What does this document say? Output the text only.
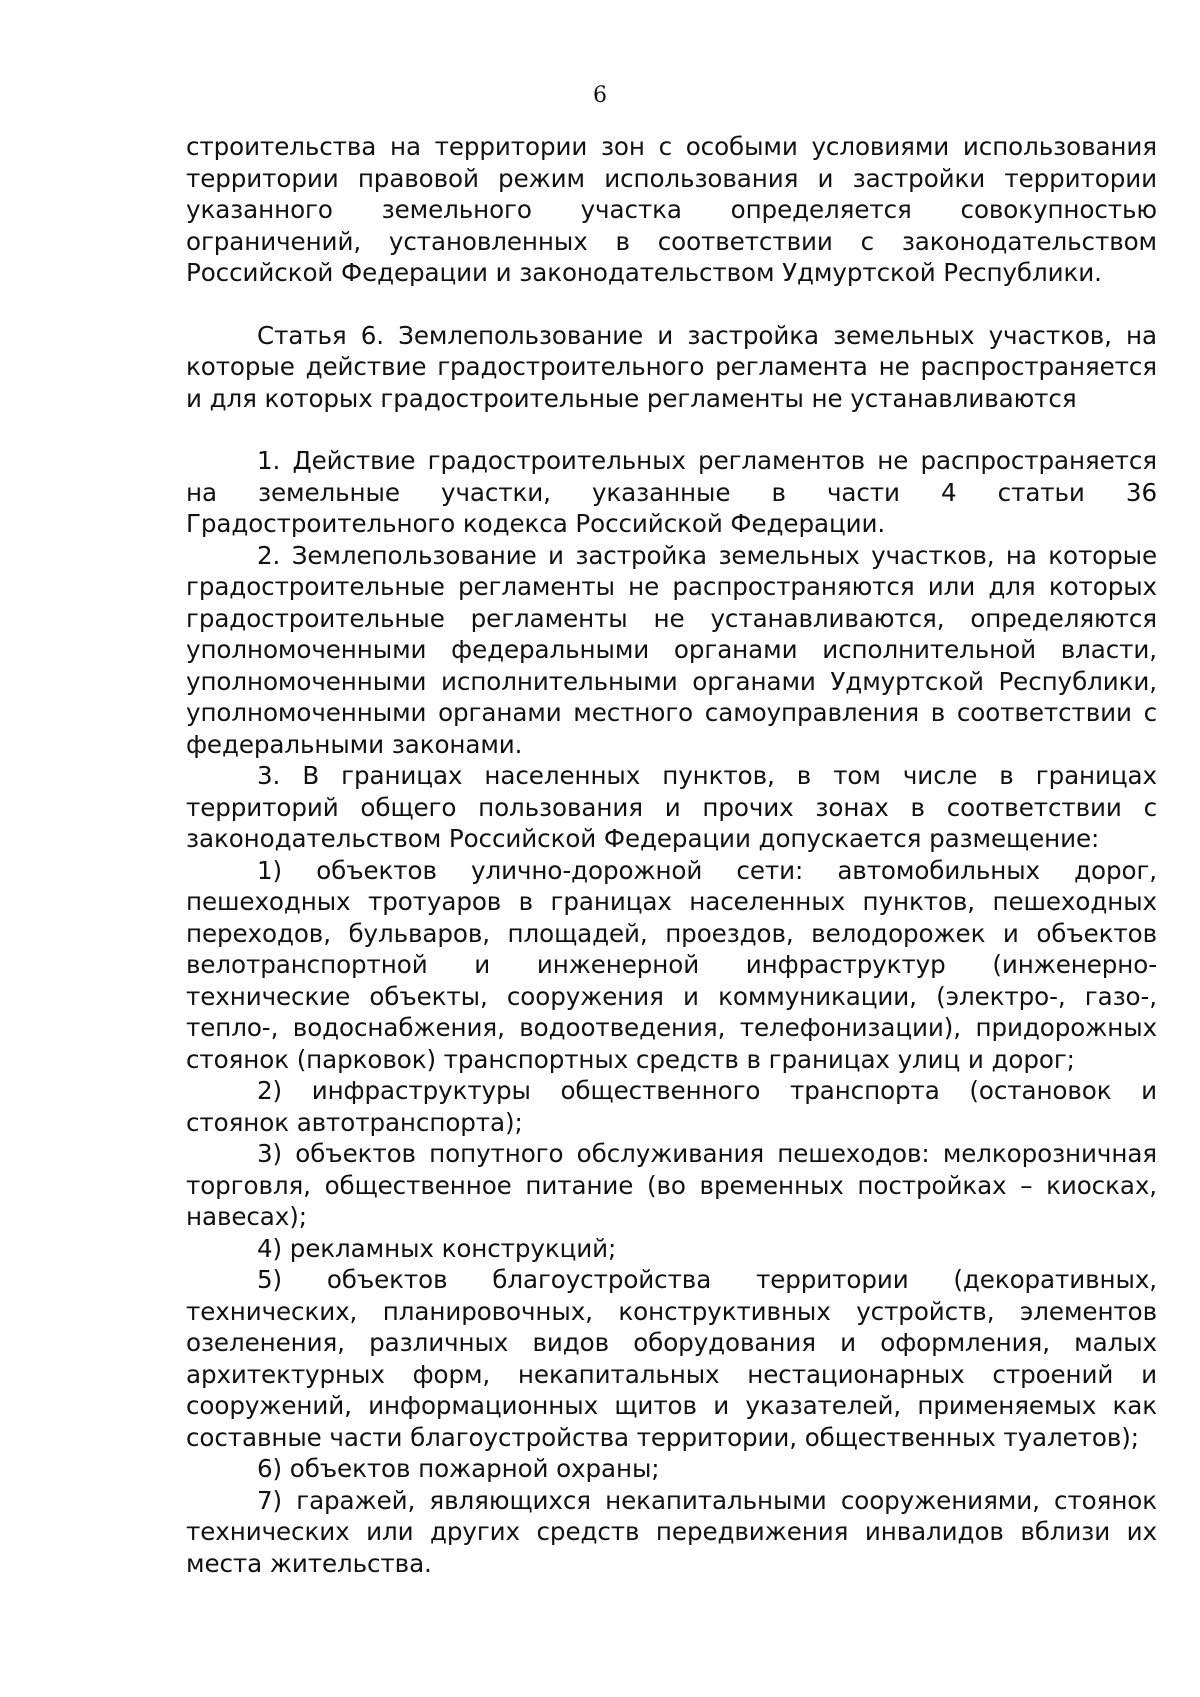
6

строительства на территории зон с особыми условиями использования территории правовой режим использования и застройки территории указанного земельного участка определяется совокупностью ограничений, установленных в соответствии с законодательством Российской Федерации и законодательством Удмуртской Республики.

Статья 6. Землепользование и застройка земельных участков, на которые действие градостроительного регламента не распространяется и для которых градостроительные регламенты не устанавливаются

1. Действие градостроительных регламентов не распространяется на земельные участки, указанные в части 4 статьи 36 Градостроительного кодекса Российской Федерации.

2. Землепользование и застройка земельных участков, на которые градостроительные регламенты не распространяются или для которых градостроительные регламенты не устанавливаются, определяются уполномоченными федеральными органами исполнительной власти, уполномоченными исполнительными органами Удмуртской Республики, уполномоченными органами местного самоуправления в соответствии с федеральными законами.

3. В границах населенных пунктов, в том числе в границах территорий общего пользования и прочих зонах в соответствии с законодательством Российской Федерации допускается размещение:

1) объектов улично-дорожной сети: автомобильных дорог, пешеходных тротуаров в границах населенных пунктов, пешеходных переходов, бульваров, площадей, проездов, велодорожек и объектов велотранспортной и инженерной инфраструктур (инженерно-технические объекты, сооружения и коммуникации, (электро-, газо-, тепло-, водоснабжения, водоотведения, телефонизации), придорожных стоянок (парковок) транспортных средств в границах улиц и дорог;

2) инфраструктуры общественного транспорта (остановок и стоянок автотранспорта);

3) объектов попутного обслуживания пешеходов: мелкорозничная торговля, общественное питание (во временных постройках – киосках, навесах);

4) рекламных конструкций;

5) объектов благоустройства территории (декоративных, технических, планировочных, конструктивных устройств, элементов озеленения, различных видов оборудования и оформления, малых архитектурных форм, некапитальных нестационарных строений и сооружений, информационных щитов и указателей, применяемых как составные части благоустройства территории, общественных туалетов);

6) объектов пожарной охраны;

7) гаражей, являющихся некапитальными сооружениями, стоянок технических или других средств передвижения инвалидов вблизи их места жительства.
